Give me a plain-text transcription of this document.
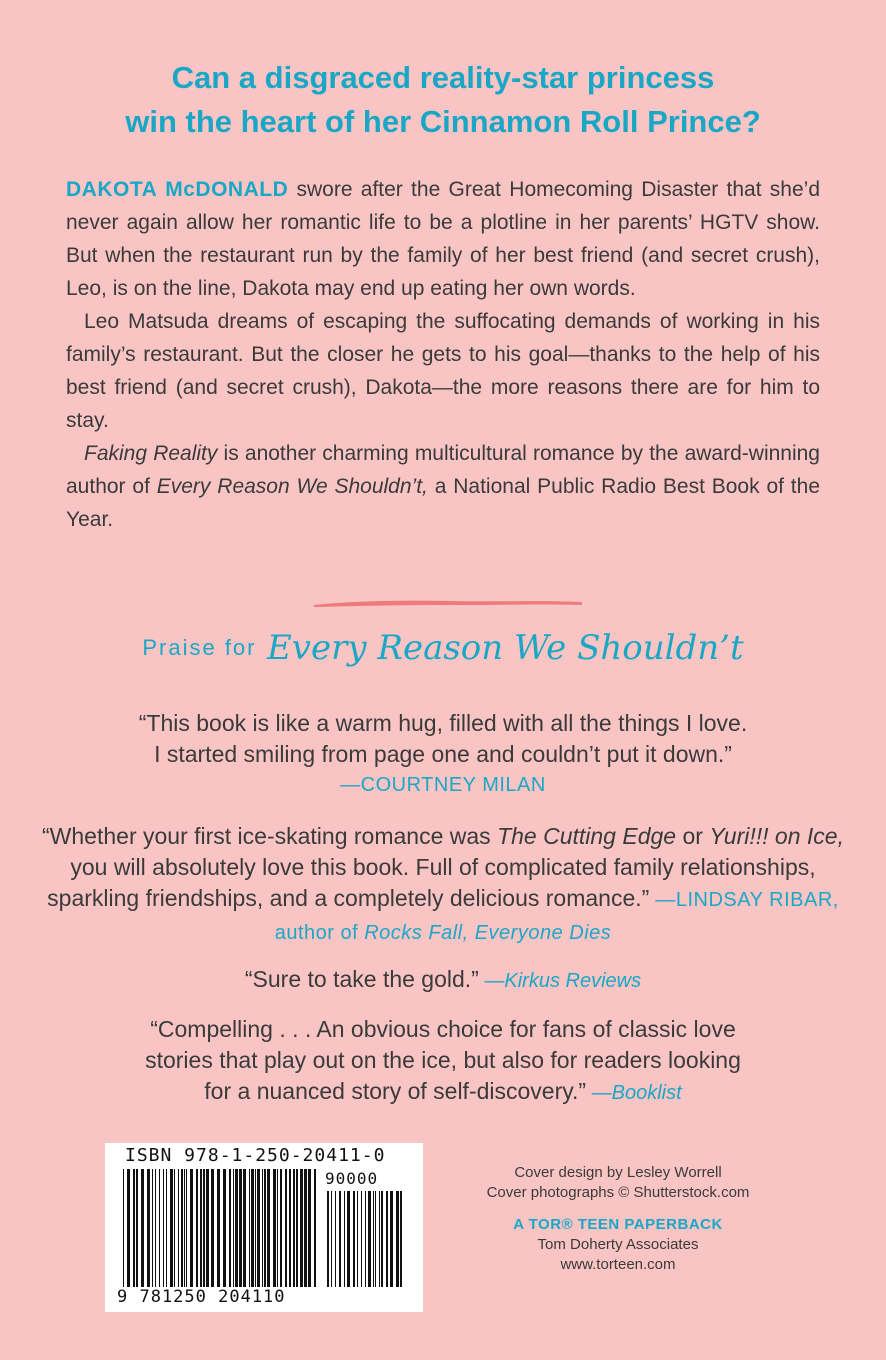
Can a disgraced reality-star princess
win the heart of her Cinnamon Roll Prince?

DAKOTA McDONALD swore after the Great Homecoming Disaster that she’d never again allow her romantic life to be a plotline in her parents’ HGTV show. But when the restaurant run by the family of her best friend (and secret crush), Leo, is on the line, Dakota may end up eating her own words.

Leo Matsuda dreams of escaping the suffocating demands of working in his family’s restaurant. But the closer he gets to his goal—thanks to the help of his best friend (and secret crush), Dakota—the more reasons there are for him to stay.

Faking Reality is another charming multicultural romance by the award-winning author of Every Reason We Shouldn’t, a National Public Radio Best Book of the Year.

Praise for Every Reason We Shouldn’t
“This book is like a warm hug, filled with all the things I love.
I started smiling from page one and couldn’t put it down.”
—COURTNEY MILAN
“Whether your first ice-skating romance was The Cutting Edge or Yuri!!! on Ice, you will absolutely love this book. Full of complicated family relationships, sparkling friendships, and a completely delicious romance.” —LINDSAY RIBAR, author of Rocks Fall, Everyone Dies
“Sure to take the gold.” —Kirkus Reviews
“Compelling . . . An obvious choice for fans of classic love
stories that play out on the ice, but also for readers looking
for a nuanced story of self-discovery.” —Booklist
ISBN 978-1-250-20411-0
90000
9 781250 204110
Cover design by Lesley Worrell
Cover photographs © Shutterstock.com
A TOR® TEEN PAPERBACK
Tom Doherty Associates
www.torteen.com
